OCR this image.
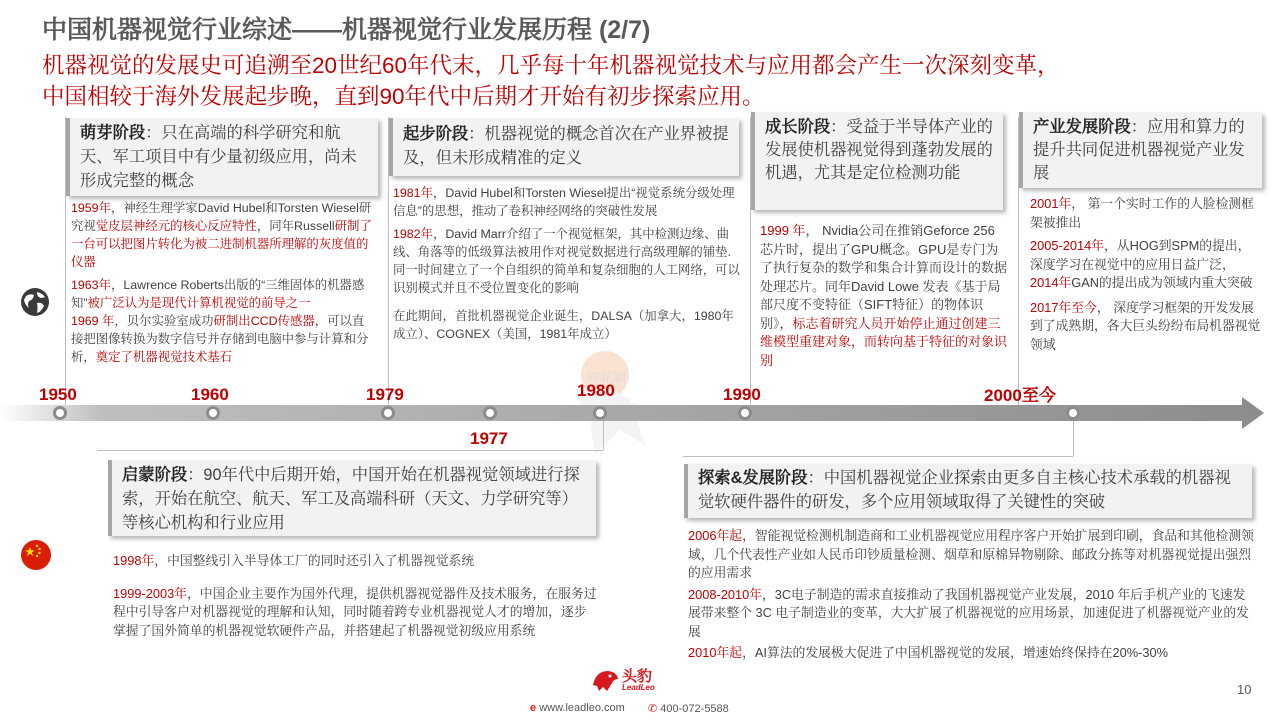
中国机器视觉行业综述——机器视觉行业发展历程 (2/7)
机器视觉的发展史可追溯至20世纪60年代末，几乎每十年机器视觉技术与应用都会产生一次深刻变革，
中国相较于海外发展起步晚，直到90年代中后期才开始有初步探索应用。
同花顺
1950	1960	1979
1977
1980	1990	2000至今
萌芽阶段：只在高端的科学研究和航天、军工项目中有少量初级应用，尚未形成完整的概念
1959年，神经生理学家David Hubel和Torsten Wiesel研究视觉皮层神经元的核心反应特性，同年Russell研制了一台可以把图片转化为被二进制机器所理解的灰度值的仪器
1963年，Lawrence Roberts出版的“三维固体的机器感知”被广泛认为是现代计算机视觉的前导之一
1969 年，贝尔实验室成功研制出CCD传感器，可以直接把图像转换为数字信号并存储到电脑中参与计算和分析，奠定了机器视觉技术基石
起步阶段：机器视觉的概念首次在产业界被提及，但未形成精准的定义
1981年，David Hubel和Torsten Wiesel提出“视觉系统分级处理信息”的思想，推动了卷积神经网络的突破性发展
1982年，David Marr介绍了一个视觉框架，其中检测边缘、曲线、角落等的低级算法被用作对视觉数据进行高级理解的铺垫.同一时间建立了一个自组织的简单和复杂细胞的人工网络，可以识别模式并且不受位置变化的影响
在此期间，首批机器视觉企业诞生，DALSA（加拿大，1980年成立）、COGNEX（美国，1981年成立）
成长阶段：受益于半导体产业的发展使机器视觉得到蓬勃发展的机遇，尤其是定位检测功能
1999 年， Nvidia公司在推销Geforce 256芯片时，提出了GPU概念。GPU是专门为了执行复杂的数学和集合计算而设计的数据处理芯片。同年David Lowe 发表《基于局部尺度不变特征（SIFT特征）的物体识别》，标志着研究人员开始停止通过创建三维模型重建对象，而转向基于特征的对象识别
产业发展阶段：应用和算力的提升共同促进机器视觉产业发展
2001年， 第一个实时工作的人脸检测框架被推出
2005-2014年，从HOG到SPM的提出，深度学习在视觉中的应用日益广泛，2014年GAN的提出成为领域内重大突破
2017年至今， 深度学习框架的开发发展到了成熟期，各大巨头纷纷布局机器视觉领域
启蒙阶段：90年代中后期开始，中国开始在机器视觉领域进行探索，开始在航空、航天、军工及高端科研（天文、力学研究等）等核心机构和行业应用
1998年，中国整线引入半导体工厂的同时还引入了机器视觉系统
1999-2003年，中国企业主要作为国外代理，提供机器视觉器件及技术服务，在服务过程中引导客户对机器视觉的理解和认知，同时随着跨专业机器视觉人才的增加，逐步掌握了国外简单的机器视觉软硬件产品，并搭建起了机器视觉初级应用系统
探索&发展阶段：中国机器视觉企业探索由更多自主核心技术承载的机器视觉软硬件器件的研发，多个应用领域取得了关键性的突破
2006年起，智能视觉检测机制造商和工业机器视觉应用程序客户开始扩展到印刷，食品和其他检测领域，几个代表性产业如人民币印钞质量检测、烟草和原棉异物剔除、邮政分拣等对机器视觉提出强烈的应用需求
2008-2010年，3C电子制造的需求直接推动了我国机器视觉产业发展，2010 年后手机产业的飞速发展带来整个 3C 电子制造业的变革，大大扩展了机器视觉的应用场景，加速促进了机器视觉产业的发展
2010年起，AI算法的发展极大促进了中国机器视觉的发展，增速始终保持在20%-30%
头豹
LeadLeo
e www.leadleo.com ✆ 400-072-5588
10
